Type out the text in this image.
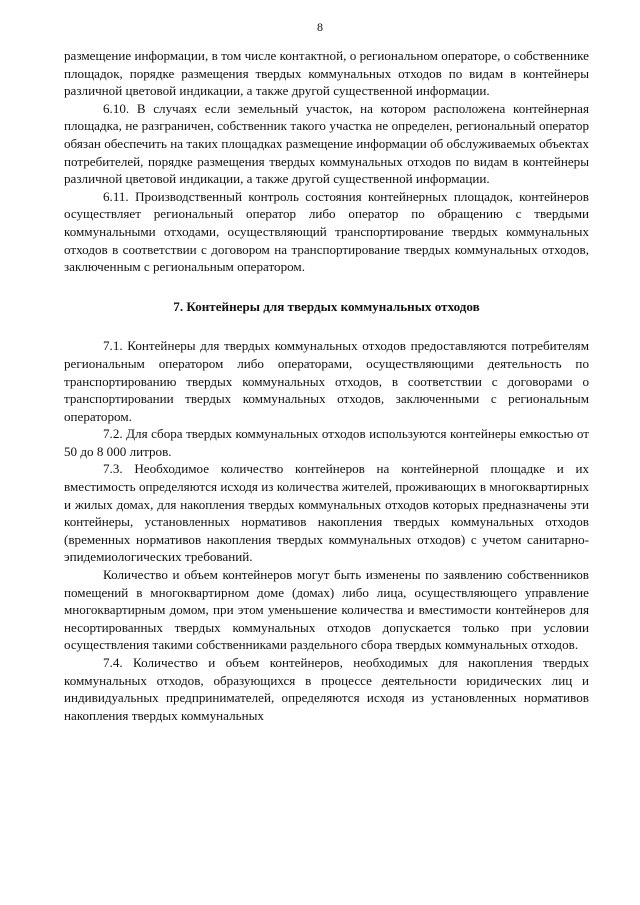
8

размещение информации, в том числе контактной, о региональном операторе, о собственнике площадок, порядке размещения твердых коммунальных отходов по видам в контейнеры различной цветовой индикации, а также другой существенной информации.

6.10. В случаях если земельный участок, на котором расположена контейнерная площадка, не разграничен, собственник такого участка не определен, региональный оператор обязан обеспечить на таких площадках размещение информации об обслуживаемых объектах потребителей, порядке размещения твердых коммунальных отходов по видам в контейнеры различной цветовой индикации, а также другой существенной информации.

6.11. Производственный контроль состояния контейнерных площадок, контейнеров осуществляет региональный оператор либо оператор по обращению с твердыми коммунальными отходами, осуществляющий транспортирование твердых коммунальных отходов в соответствии с договором на транспортирование твердых коммунальных отходов, заключенным с региональным оператором.

7. Контейнеры для твердых коммунальных отходов

7.1. Контейнеры для твердых коммунальных отходов предоставляются потребителям региональным оператором либо операторами, осуществляющими деятельность по транспортированию твердых коммунальных отходов, в соответствии с договорами о транспортировании твердых коммунальных отходов, заключенными с региональным оператором.

7.2. Для сбора твердых коммунальных отходов используются контейнеры емкостью от 50 до 8 000 литров.

7.3. Необходимое количество контейнеров на контейнерной площадке и их вместимость определяются исходя из количества жителей, проживающих в многоквартирных и жилых домах, для накопления твердых коммунальных отходов которых предназначены эти контейнеры, установленных нормативов накопления твердых коммунальных отходов (временных нормативов накопления твердых коммунальных отходов) с учетом санитарно-эпидемиологических требований.

Количество и объем контейнеров могут быть изменены по заявлению собственников помещений в многоквартирном доме (домах) либо лица, осуществляющего управление многоквартирным домом, при этом уменьшение количества и вместимости контейнеров для несортированных твердых коммунальных отходов допускается только при условии осуществления такими собственниками раздельного сбора твердых коммунальных отходов.

7.4. Количество и объем контейнеров, необходимых для накопления твердых коммунальных отходов, образующихся в процессе деятельности юридических лиц и индивидуальных предпринимателей, определяются исходя из установленных нормативов накопления твердых коммунальных
